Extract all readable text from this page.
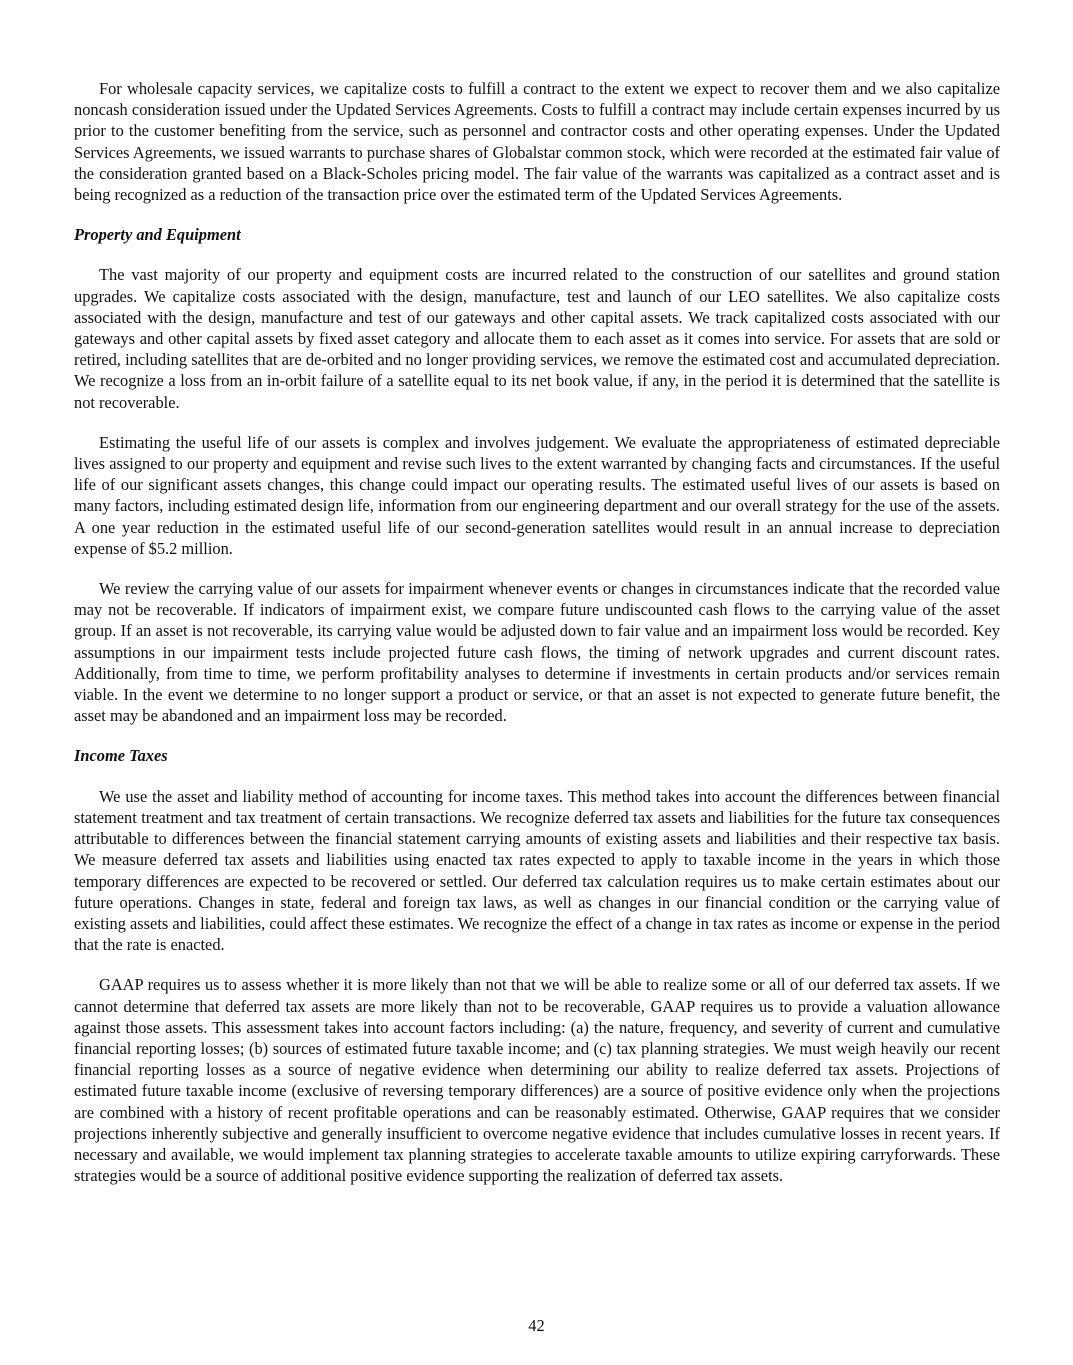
For wholesale capacity services, we capitalize costs to fulfill a contract to the extent we expect to recover them and we also capitalize noncash consideration issued under the Updated Services Agreements. Costs to fulfill a contract may include certain expenses incurred by us prior to the customer benefiting from the service, such as personnel and contractor costs and other operating expenses. Under the Updated Services Agreements, we issued warrants to purchase shares of Globalstar common stock, which were recorded at the estimated fair value of the consideration granted based on a Black-Scholes pricing model. The fair value of the warrants was capitalized as a contract asset and is being recognized as a reduction of the transaction price over the estimated term of the Updated Services Agreements.

Property and Equipment

The vast majority of our property and equipment costs are incurred related to the construction of our satellites and ground station upgrades. We capitalize costs associated with the design, manufacture, test and launch of our LEO satellites. We also capitalize costs associated with the design, manufacture and test of our gateways and other capital assets. We track capitalized costs associated with our gateways and other capital assets by fixed asset category and allocate them to each asset as it comes into service. For assets that are sold or retired, including satellites that are de-orbited and no longer providing services, we remove the estimated cost and accumulated depreciation. We recognize a loss from an in-orbit failure of a satellite equal to its net book value, if any, in the period it is determined that the satellite is not recoverable.

Estimating the useful life of our assets is complex and involves judgement. We evaluate the appropriateness of estimated depreciable lives assigned to our property and equipment and revise such lives to the extent warranted by changing facts and circumstances. If the useful life of our significant assets changes, this change could impact our operating results. The estimated useful lives of our assets is based on many factors, including estimated design life, information from our engineering department and our overall strategy for the use of the assets. A one year reduction in the estimated useful life of our second-generation satellites would result in an annual increase to depreciation expense of $5.2 million.

We review the carrying value of our assets for impairment whenever events or changes in circumstances indicate that the recorded value may not be recoverable. If indicators of impairment exist, we compare future undiscounted cash flows to the carrying value of the asset group. If an asset is not recoverable, its carrying value would be adjusted down to fair value and an impairment loss would be recorded. Key assumptions in our impairment tests include projected future cash flows, the timing of network upgrades and current discount rates. Additionally, from time to time, we perform profitability analyses to determine if investments in certain products and/or services remain viable. In the event we determine to no longer support a product or service, or that an asset is not expected to generate future benefit, the asset may be abandoned and an impairment loss may be recorded.

Income Taxes

We use the asset and liability method of accounting for income taxes. This method takes into account the differences between financial statement treatment and tax treatment of certain transactions. We recognize deferred tax assets and liabilities for the future tax consequences attributable to differences between the financial statement carrying amounts of existing assets and liabilities and their respective tax basis. We measure deferred tax assets and liabilities using enacted tax rates expected to apply to taxable income in the years in which those temporary differences are expected to be recovered or settled. Our deferred tax calculation requires us to make certain estimates about our future operations. Changes in state, federal and foreign tax laws, as well as changes in our financial condition or the carrying value of existing assets and liabilities, could affect these estimates. We recognize the effect of a change in tax rates as income or expense in the period that the rate is enacted.

GAAP requires us to assess whether it is more likely than not that we will be able to realize some or all of our deferred tax assets. If we cannot determine that deferred tax assets are more likely than not to be recoverable, GAAP requires us to provide a valuation allowance against those assets. This assessment takes into account factors including: (a) the nature, frequency, and severity of current and cumulative financial reporting losses; (b) sources of estimated future taxable income; and (c) tax planning strategies. We must weigh heavily our recent financial reporting losses as a source of negative evidence when determining our ability to realize deferred tax assets. Projections of estimated future taxable income (exclusive of reversing temporary differences) are a source of positive evidence only when the projections are combined with a history of recent profitable operations and can be reasonably estimated. Otherwise, GAAP requires that we consider projections inherently subjective and generally insufficient to overcome negative evidence that includes cumulative losses in recent years. If necessary and available, we would implement tax planning strategies to accelerate taxable amounts to utilize expiring carryforwards. These strategies would be a source of additional positive evidence supporting the realization of deferred tax assets.

42
